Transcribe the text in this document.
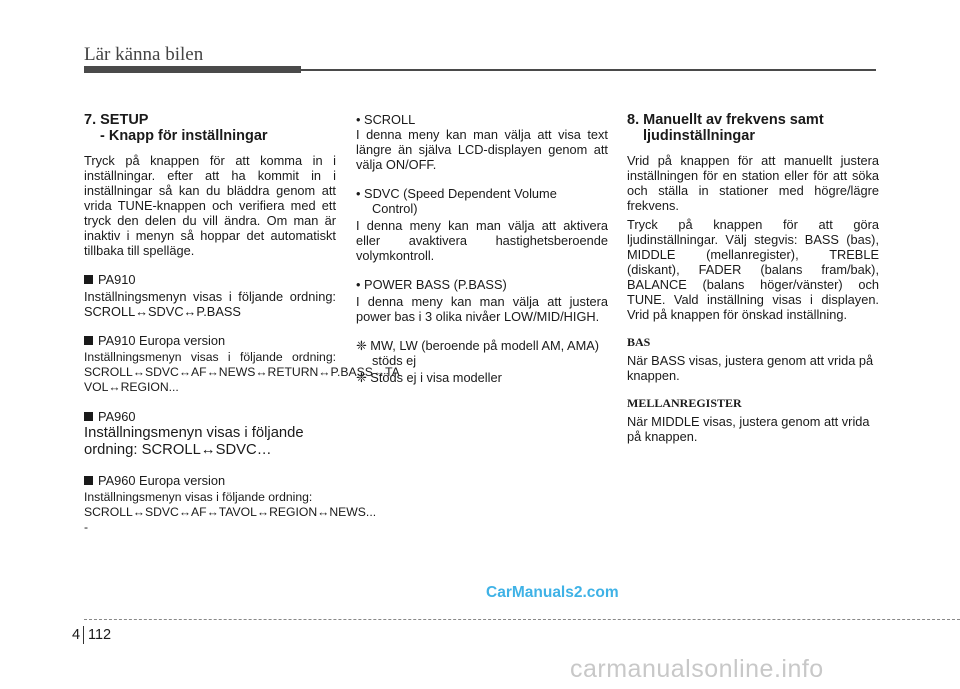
Lär känna bilen
7. SETUP
- Knapp för inställningar

Tryck på knappen för att komma in i inställningar. efter att ha kommit in i inställningar så kan du bläddra genom att vrida TUNE-knappen och verifiera med ett tryck den delen du vill ändra. Om man är inaktiv i menyn så hoppar det automatiskt tillbaka till spelläge.

PA910

Inställningsmenyn visas i följande ordning: SCROLL↔SDVC↔P.BASS

PA910 Europa version

Inställningsmenyn visas i följande ordning: SCROLL↔SDVC↔AF↔NEWS↔RETURN↔P.BASS↔TA VOL↔REGION...

PA960

Inställningsmenyn visas i följande ordning: SCROLL↔SDVC…

PA960 Europa version

Inställningsmenyn visas i följande ordning: SCROLL↔SDVC↔AF↔TAVOL↔REGION↔NEWS... -

• SCROLL

I denna meny kan man välja att visa text längre än själva LCD-displayen genom att välja ON/OFF.

• SDVC (Speed Dependent Volume
Control)

I denna meny kan man välja att aktivera eller avaktivera hastighetsberoende volymkontroll.

• POWER BASS (P.BASS)

I denna meny kan man välja att justera power bas i 3 olika nivåer LOW/MID/HIGH.

❈ MW, LW (beroende på modell AM, AMA) stöds ej

❈ Stöds ej i visa modeller

8. Manuellt av frekvens samt
ljudinställningar

Vrid på knappen för att manuellt justera inställningen för en station eller för att söka och ställa in stationer med högre/lägre frekvens.

Tryck på knappen för att göra ljudinställningar. Välj stegvis: BASS (bas), MIDDLE (mellanregister), TREBLE (diskant), FADER (balans fram/bak), BALANCE (balans höger/vänster) och TUNE. Vald inställning visas i displayen. Vrid på knappen för önskad inställning.

BAS

När BASS visas, justera genom att vrida på knappen.

MELLANREGISTER

När MIDDLE visas, justera genom att vrida på knappen.

CarManuals2.com
4 112
carmanualsonline.info
